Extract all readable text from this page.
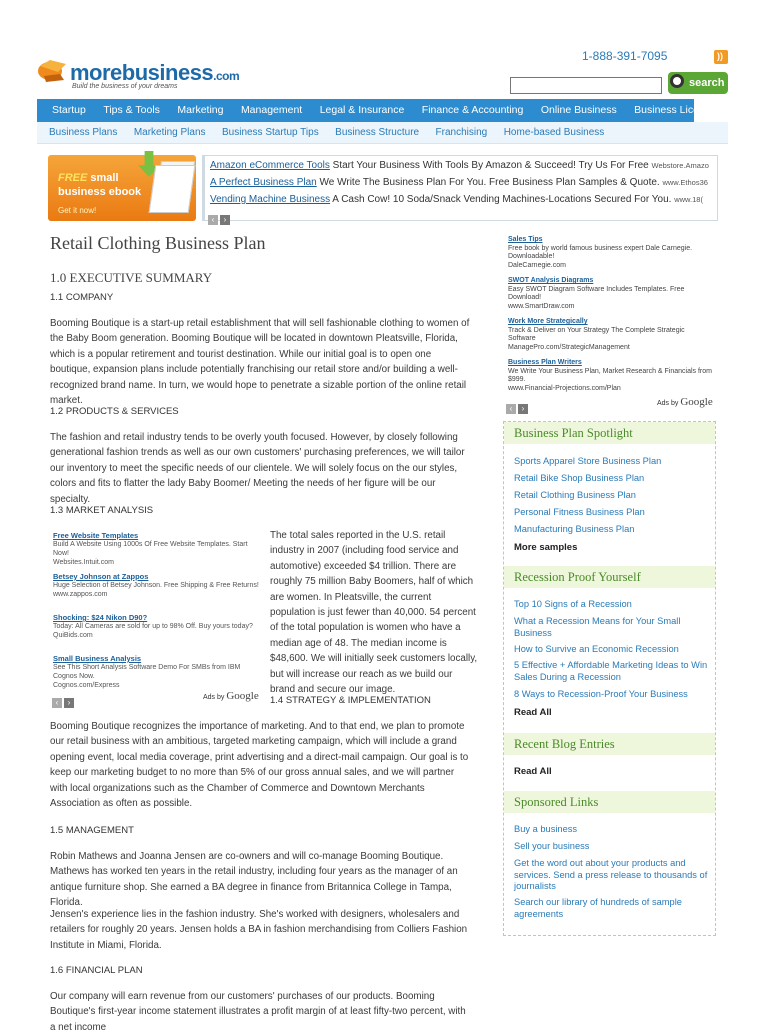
morebusiness.com
Build the business of your dreams
1-888-391-7095	))
search
Startup Tips & Tools Marketing Management Legal & Insurance Finance & Accounting Online Business Business Licensing Busine
Business Plans Marketing Plans Business Startup Tips Business Structure Franchising Home-based Business
FREE small
business ebook
Get it now!
Amazon eCommerce Tools Start Your Business With Tools By Amazon & Succeed! Try Us For Free Webstore.Amazo
A Perfect Business Plan We Write The Business Plan For You. Free Business Plan Samples & Quote. www.Ethos36
Vending Machine Business A Cash Cow! 10 Soda/Snack Vending Machines-Locations Secured For You. www.18(
‹ ›
Retail Clothing Business Plan
1.0 EXECUTIVE SUMMARY
1.1 COMPANY
Booming Boutique is a start-up retail establishment that will sell fashionable clothing to women of the Baby Boom generation. Booming Boutique will be located in downtown Pleatsville, Florida, which is a popular retirement and tourist destination. While our initial goal is to open one boutique, expansion plans include potentially franchising our retail store and/or building a well-recognized brand name. In turn, we would hope to penetrate a sizable portion of the online retail market.
1.2 PRODUCTS & SERVICES
The fashion and retail industry tends to be overly youth focused. However, by closely following generational fashion trends as well as our own customers' purchasing preferences, we will tailor our inventory to meet the specific needs of our clientele. We will solely focus on the our styles, colors and fits to flatter the lady Baby Boomer/ Meeting the needs of her figure will be our specialty.
1.3 MARKET ANALYSIS
Free Website Templates
Build A Website Using 1000s Of Free Website Templates. Start Now!
Websites.Intuit.com
Betsey Johnson at Zappos
Huge Selection of Betsey Johnson. Free Shipping & Free Returns!
www.zappos.com
Shocking: $24 Nikon D90?
Today: All Cameras are sold for up to 98% Off. Buy yours today?
QuiBids.com
Small Business Analysis
See This Short Analysis Software Demo For SMBs from IBM Cognos Now.
Cognos.com/Express
‹ ›
Ads by Google
The total sales reported in the U.S. retail industry in 2007 (including food service and automotive) exceeded $4 trillion. There are roughly 75 million Baby Boomers, half of which are women. In Pleatsville, the current population is just fewer than 40,000. 54 percent of the total population is women who have a median age of 48. The median income is $48,600. We will initially seek customers locally, but will increase our reach as we build our brand and secure our image.
1.4 STRATEGY & IMPLEMENTATION
Booming Boutique recognizes the importance of marketing. And to that end, we plan to promote our retail business with an ambitious, targeted marketing campaign, which will include a grand opening event, local media coverage, print advertising and a direct-mail campaign. Our goal is to keep our marketing budget to no more than 5% of our gross annual sales, and we will partner with local organizations such as the Chamber of Commerce and Downtown Merchants Association as often as possible.
1.5 MANAGEMENT
Robin Mathews and Joanna Jensen are co-owners and will co-manage Booming Boutique. Mathews has worked ten years in the retail industry, including four years as the manager of an antique furniture shop. She earned a BA degree in finance from Britannica College in Tampa, Florida.
Jensen's experience lies in the fashion industry. She's worked with designers, wholesalers and retailers for roughly 20 years. Jensen holds a BA in fashion merchandising from Colliers Fashion Institute in Miami, Florida.
1.6 FINANCIAL PLAN
Our company will earn revenue from our customers' purchases of our products. Booming Boutique's first-year income statement illustrates a profit margin of at least fifty-two percent, with a net income
Sales Tips
Free book by world famous business expert Dale Carnegie. Downloadable!
DaleCarnegie.com
SWOT Analysis Diagrams
Easy SWOT Diagram Software Includes Templates. Free Download!
www.SmartDraw.com
Work More Strategically
Track & Deliver on Your Strategy The Complete Strategic Software
ManagePro.com/StrategicManagement
Business Plan Writers
We Write Your Business Plan, Market Research & Financials from $999.
www.Financial-Projections.com/Plan
‹ ›
Ads by Google
Business Plan Spotlight
Sports Apparel Store Business Plan
Retail Bike Shop Business Plan
Retail Clothing Business Plan
Personal Fitness Business Plan
Manufacturing Business Plan
More samples
Recession Proof Yourself
Top 10 Signs of a Recession
What a Recession Means for Your Small Business
How to Survive an Economic Recession
5 Effective + Affordable Marketing Ideas to Win Sales During a Recession
8 Ways to Recession-Proof Your Business
Read All
Recent Blog Entries
Read All
Sponsored Links
Buy a business
Sell your business
Get the word out about your products and services. Send a press release to thousands of journalists
Search our library of hundreds of sample agreements
